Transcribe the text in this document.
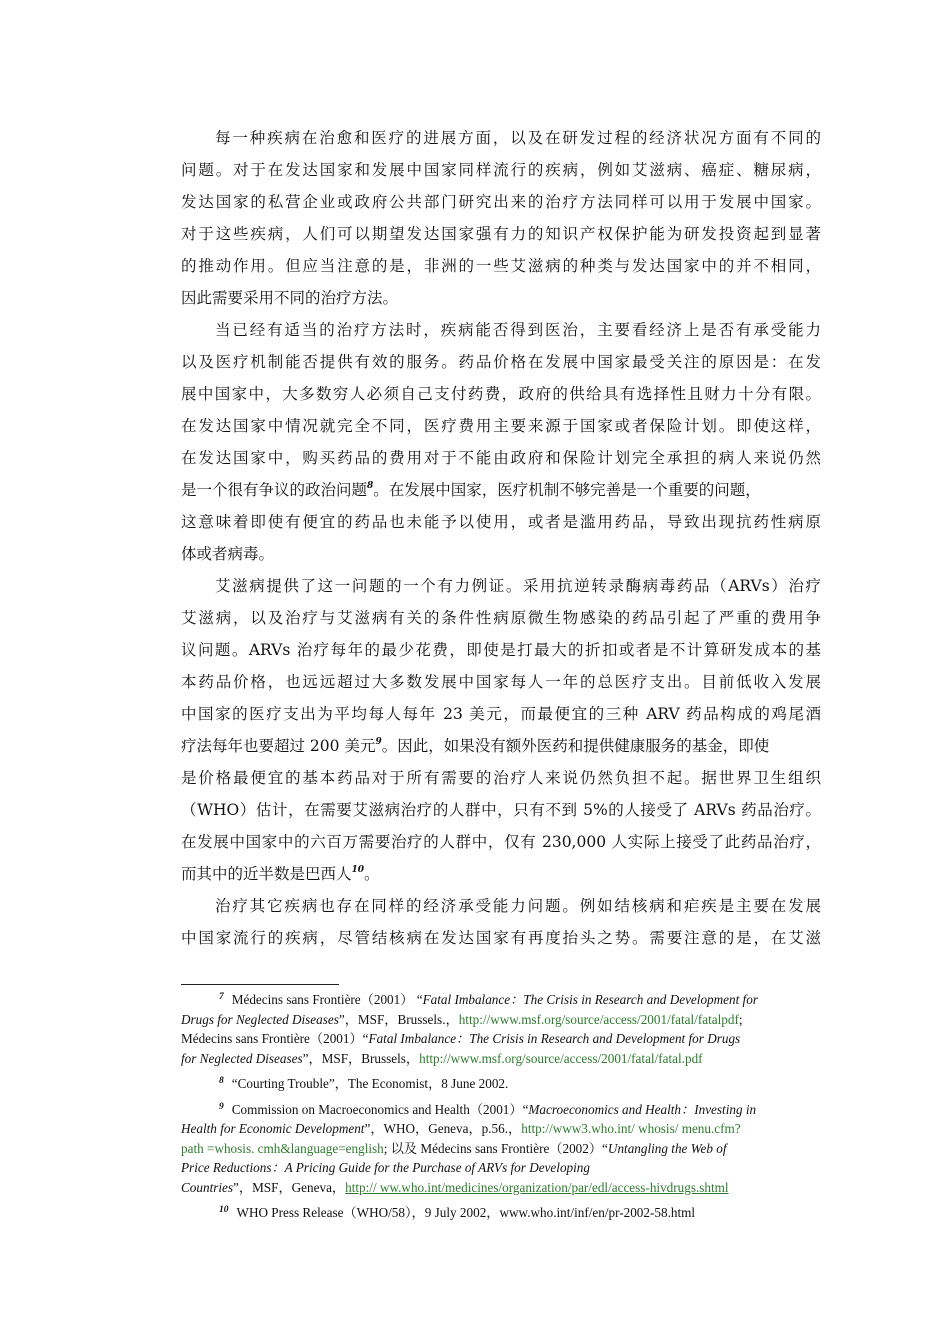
每一种疾病在治愈和医疗的进展方面，以及在研发过程的经济状况方面有不同的
问题。对于在发达国家和发展中国家同样流行的疾病，例如艾滋病、癌症、糖尿病，
发达国家的私营企业或政府公共部门研究出来的治疗方法同样可以用于发展中国家。
对于这些疾病，人们可以期望发达国家强有力的知识产权保护能为研发投资起到显著
的推动作用。但应当注意的是，非洲的一些艾滋病的种类与发达国家中的并不相同，
因此需要采用不同的治疗方法。
当已经有适当的治疗方法时，疾病能否得到医治，主要看经济上是否有承受能力
以及医疗机制能否提供有效的服务。药品价格在发展中国家最受关注的原因是：在发
展中国家中，大多数穷人必须自己支付药费，政府的供给具有选择性且财力十分有限。
在发达国家中情况就完全不同，医疗费用主要来源于国家或者保险计划。即使这样，
在发达国家中，购买药品的费用对于不能由政府和保险计划完全承担的病人来说仍然
是一个很有争议的政治问题$^8$。在发展中国家，医疗机制不够完善是一个重要的问题，
这意味着即使有便宜的药品也未能予以使用，或者是滥用药品，导致出现抗药性病原
体或者病毒。
艾滋病提供了这一问题的一个有力例证。采用抗逆转录酶病毒药品（ARVs）治疗
艾滋病，以及治疗与艾滋病有关的条件性病原微生物感染的药品引起了严重的费用争
议问题。ARVs 治疗每年的最少花费，即使是打最大的折扣或者是不计算研发成本的基
本药品价格，也远远超过大多数发展中国家每人一年的总医疗支出。目前低收入发展
中国家的医疗支出为平均每人每年 23 美元，而最便宜的三种 ARV 药品构成的鸡尾酒
疗法每年也要超过 200 美元$^9$。因此，如果没有额外医药和提供健康服务的基金，即使
是价格最便宜的基本药品对于所有需要的治疗人来说仍然负担不起。据世界卫生组织
（WHO）估计，在需要艾滋病治疗的人群中，只有不到 5%的人接受了 ARVs 药品治疗。
在发展中国家中的六百万需要治疗的人群中，仅有 230,000 人实际上接受了此药品治疗，
而其中的近半数是巴西人$^{10}$。
治疗其它疾病也存在同样的经济承受能力问题。例如结核病和疟疾是主要在发展
中国家流行的疾病，尽管结核病在发达国家有再度抬头之势。需要注意的是，在艾滋
$^7$ Médecins sans Frontière（2001） “Fatal Imbalance：The Crisis in Research and Development for
Drugs for Neglected Diseases”，MSF，Brussels.，http://www.msf.org/source/access/2001/fatal/fatalpdf;
Médecins sans Frontière（2001）“Fatal Imbalance：The Crisis in Research and Development for Drugs
for Neglected Diseases”，MSF，Brussels，http://www.msf.org/source/access/2001/fatal/fatal.pdf
$^8$ “Courting Trouble”，The Economist，8 June 2002.
$^9$ Commission on Macroeconomics and Health（2001）“Macroeconomics and Health：Investing in
Health for Economic Development”，WHO，Geneva，p.56.，http://www3.who.int/ whosis/ menu.cfm?
path =whosis. cmh&language=english; 以及 Médecins sans Frontière（2002）“Untangling the Web of
Price Reductions：A Pricing Guide for the Purchase of ARVs for Developing
Countries”，MSF，Geneva，http:// ww.who.int/medicines/organization/par/edl/access-hivdrugs.shtml
$^{10}$ WHO Press Release（WHO/58），9 July 2002，www.who.int/inf/en/pr-2002-58.html
